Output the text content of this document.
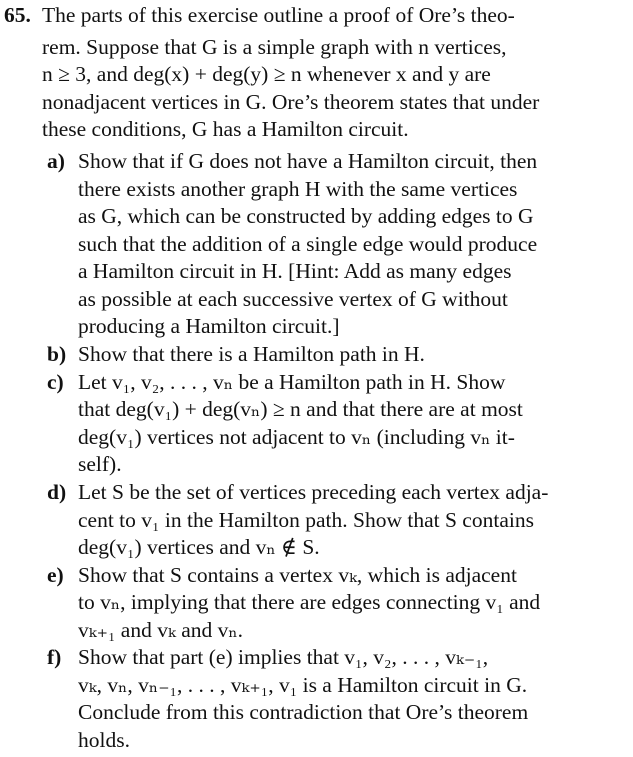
65. The parts of this exercise outline a proof of Ore’s theo-
rem. Suppose that G is a simple graph with n vertices,
n ≥ 3, and deg(x) + deg(y) ≥ n whenever x and y are
nonadjacent vertices in G. Ore’s theorem states that under
these conditions, G has a Hamilton circuit.
a) Show that if G does not have a Hamilton circuit, then
there exists another graph H with the same vertices
as G, which can be constructed by adding edges to G
such that the addition of a single edge would produce
a Hamilton circuit in H. [Hint: Add as many edges
as possible at each successive vertex of G without
producing a Hamilton circuit.]
b) Show that there is a Hamilton path in H.
c) Let v₁, v₂, . . . , vₙ be a Hamilton path in H. Show
that deg(v₁) + deg(vₙ) ≥ n and that there are at most
deg(v₁) vertices not adjacent to vₙ (including vₙ it-
self).
d) Let S be the set of vertices preceding each vertex adja-
cent to v₁ in the Hamilton path. Show that S contains
deg(v₁) vertices and vₙ ∉ S.
e) Show that S contains a vertex vₖ, which is adjacent
to vₙ, implying that there are edges connecting v₁ and
vₖ₊₁ and vₖ and vₙ.
f) Show that part (e) implies that v₁, v₂, . . . , vₖ₋₁,
vₖ, vₙ, vₙ₋₁, . . . , vₖ₊₁, v₁ is a Hamilton circuit in G.
Conclude from this contradiction that Ore’s theorem
holds.
